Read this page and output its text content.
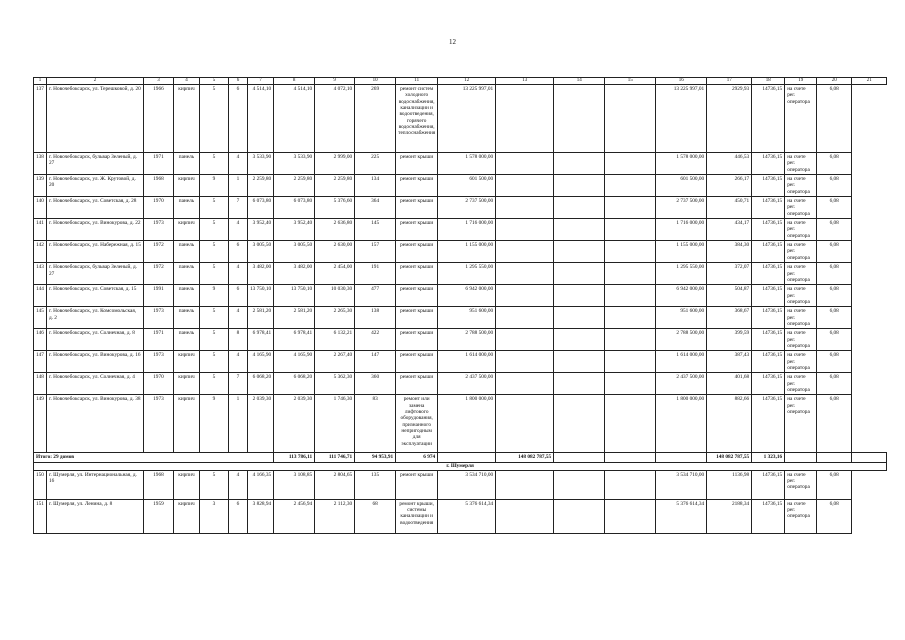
12
1	2	3	4	5	6	7	8	9	10	11	12	13	14	15	16	17	18	19	20	21
137	г. Новочебоксарск, ул. Терешковой, д. 20	1966	кирпич	5	6	4 514,10	4 514,10	4 072,10	269	ремонт систем холодного водоснабжения, канализации и водоотведения, горячего водоснабжения, теплоснабжения	13 225 997,01				13 225 997,01	2929,93	14736,15	на счете рег. оператора	6,08	
138	г. Новочебоксарск, бульвар Зеленый, д. 27	1971	панель	5	4	3 533,90	3 533,90	2 999,00	225	ремонт крыши	1 578 000,00				1 578 000,00	446,53	14736,15	на счете рег. оператора	6,08	
139	г. Новочебоксарск, ул. Ж. Крутовой, д. 20	1968	кирпич	9	1	2 259,80	2 259,80	2 259,80	134	ремонт крыши	601 500,00				601 500,00	266,17	14736,15	на счете рег. оператора	6,08	
140	г. Новочебоксарск, ул. Советская, д. 28	1970	панель	5	7	6 073,80	6 073,80	5 376,60	364	ремонт крыши	2 737 500,00				2 737 500,00	450,71	14736,15	на счете рег. оператора	6,08	
141	г. Новочебоксарск, ул. Винокурова, д. 22	1973	кирпич	5	4	3 952,40	3 952,40	2 636,80	145	ремонт крыши	1 716 000,00				1 716 000,00	434,17	14736,15	на счете рег. оператора	6,08	
142	г. Новочебоксарск, ул. Набережная, д. 15	1972	панель	5	6	3 005,50	3 005,50	2 630,00	157	ремонт крыши	1 155 000,00				1 155 000,00	384,30	14736,15	на счете рег. оператора	6,08	
143	г. Новочебоксарск, бульвар Зеленый, д. 27	1972	панель	5	4	3 482,00	3 482,00	2 454,00	191	ремонт крыши	1 295 550,00				1 295 550,00	372,07	14736,15	на счете рег. оператора	6,08	
144	г. Новочебоксарск, ул. Советская, д. 15	1991	панель	9	6	13 750,10	13 750,10	10 030,30	477	ремонт крыши	6 942 000,00				6 942 000,00	504,87	14736,15	на счете рег. оператора	6,08	
145	г. Новочебоксарск, ул. Комсомольская, д. 2	1973	панель	5	4	2 581,20	2 581,20	2 265,30	138	ремонт крыши	951 600,00				951 600,00	368,67	14736,15	на счете рег. оператора	6,08	
146	г. Новочебоксарск, ул. Солнечная, д. 8	1971	панель	5	8	6 978,41	6 978,41	6 132,21	422	ремонт крыши	2 788 500,00				2 788 500,00	399,59	14736,15	на счете рег. оператора	6,08	
147	г. Новочебоксарск, ул. Винокурова, д. 16	1973	кирпич	5	4	4 165,90	4 165,90	2 267,40	147	ремонт крыши	1 614 000,00				1 614 000,00	387,43	14736,15	на счете рег. оператора	6,08	
148	г. Новочебоксарск, ул. Солнечная, д. 4	1970	кирпич	5	7	6 068,20	6 068,20	5 362,30	360	ремонт крыши	2 437 500,00				2 437 500,00	401,68	14736,15	на счете рег. оператора	6,08	
149	г. Новочебоксарск, ул. Винокурова, д. 38	1973	кирпич	9	1	2 039,30	2 039,30	1 746,30	83	ремонт или замена лифтового оборудования, признанного непригодным для эксплуатации	1 800 000,00				1 800 000,00	882,66	14736,15	на счете рег. оператора	6,08	
Итого: 29 домов							113 786,11	111 746,71	94 953,91	6 974		148 082 787,55				148 082 787,55	1 323,16			
г. Шумерля																				
150	г. Шумерля, ул. Интернациональная, д. 16	1968	кирпич	5	4	4 166,35	3 108,85	2 804,65	135	ремонт крыши	3 534 710,00				3 534 710,00	1136,98	14736,15	на счете рег. оператора	6,08	
151	г. Шумерля, ул. Ленина, д. 8	1959	кирпич	3	6	3 828,94	2 456,94	2 112,30	68	ремонт крыши, системы канализации и водоотведения	5 376 614,34				5 376 614,34	2188,34	14736,15	на счете рег. оператора	6,08	
